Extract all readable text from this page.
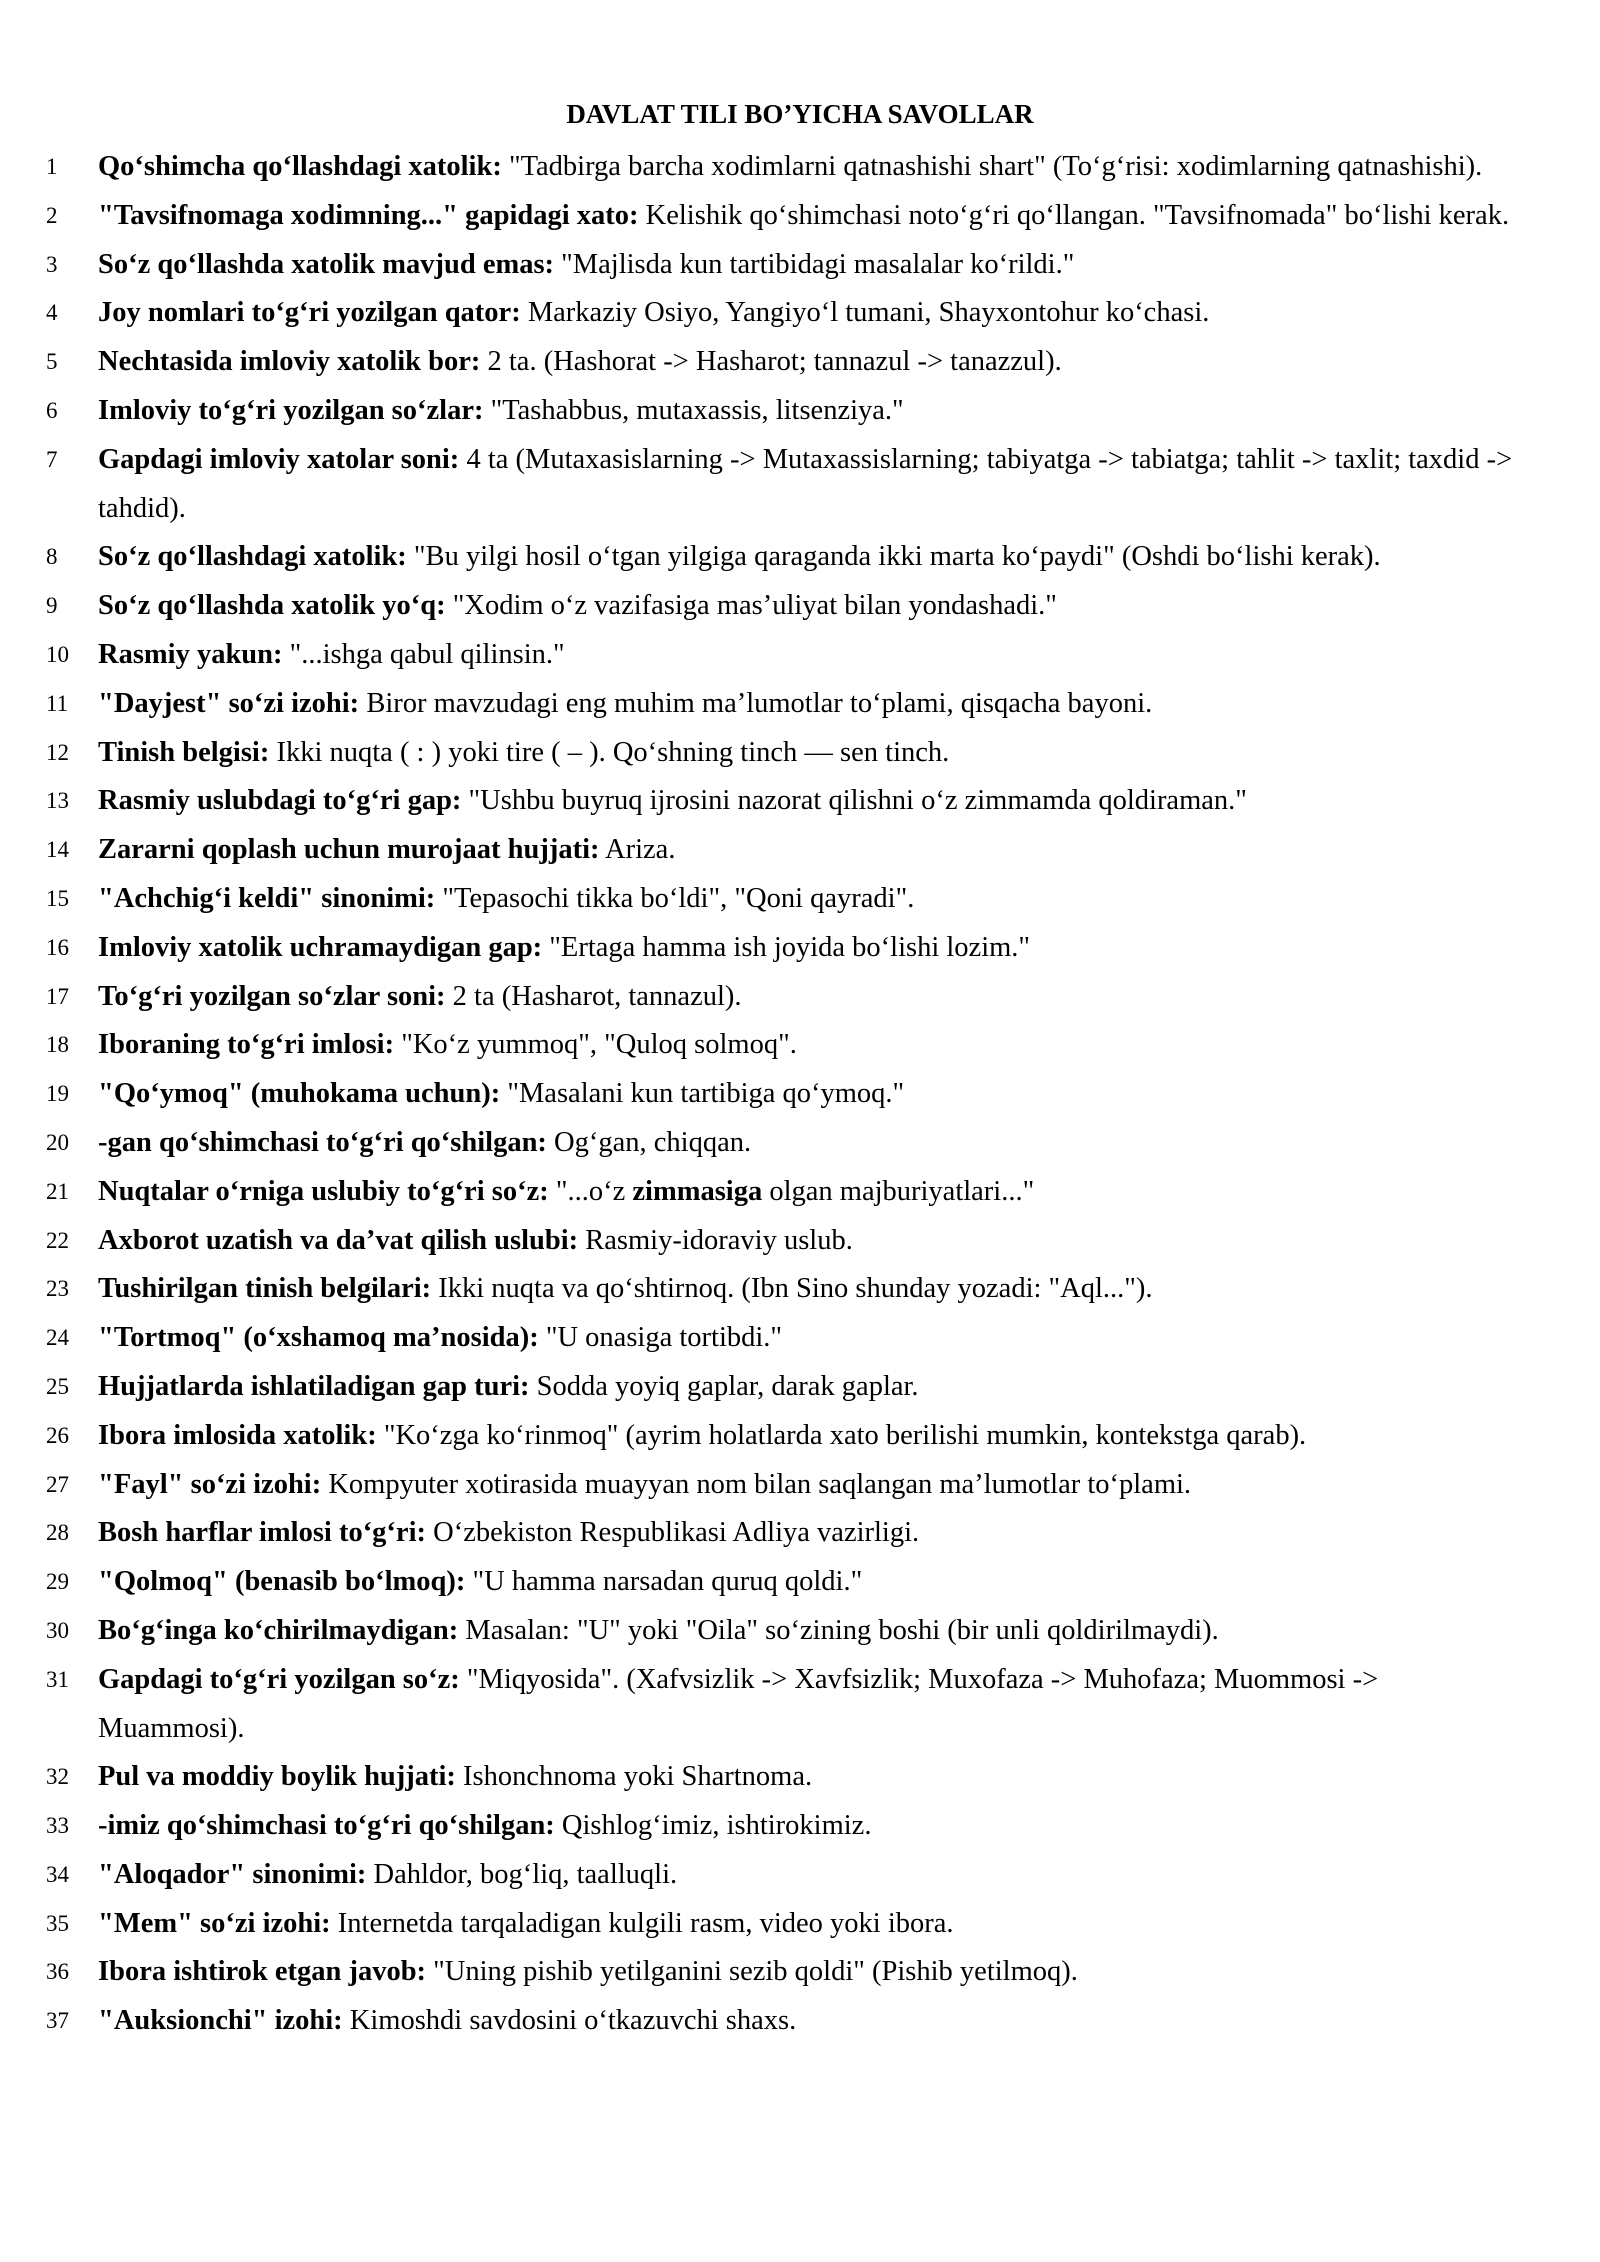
DAVLAT TILI BO’YICHA SAVOLLAR
1 Qo‘shimcha qo‘llashdagi xatolik: "Tadbirga barcha xodimlarni qatnashishi shart" (To‘g‘risi: xodimlarning qatnashishi).
2 "Tavsifnomaga xodimning..." gapidagi xato: Kelishik qo‘shimchasi noto‘g‘ri qo‘llangan. "Tavsifnomada" bo‘lishi kerak.
3 So‘z qo‘llashda xatolik mavjud emas: "Majlisda kun tartibidagi masalalar ko‘rildi."
4 Joy nomlari to‘g‘ri yozilgan qator: Markaziy Osiyo, Yangiyo‘l tumani, Shayxontohur ko‘chasi.
5 Nechtasida imloviy xatolik bor: 2 ta. (Hashorat -> Hasharot; tannazul -> tanazzul).
6 Imloviy to‘g‘ri yozilgan so‘zlar: "Tashabbus, mutaxassis, litsenziya."
7 Gapdagi imloviy xatolar soni: 4 ta (Mutaxasislarning -> Mutaxassislarning; tabiyatga -> tabiatga; tahlit -> taxlit; taxdid -> tahdid).
8 So‘z qo‘llashdagi xatolik: "Bu yilgi hosil o‘tgan yilgiga qaraganda ikki marta ko‘paydi" (Oshdi bo‘lishi kerak).
9 So‘z qo‘llashda xatolik yo‘q: "Xodim o‘z vazifasiga mas’uliyat bilan yondashadi."
10 Rasmiy yakun: "...ishga qabul qilinsin."
11 "Dayjest" so‘zi izohi: Biror mavzudagi eng muhim ma’lumotlar to‘plami, qisqacha bayoni.
12 Tinish belgisi: Ikki nuqta ( : ) yoki tire ( – ). Qo‘shning tinch — sen tinch.
13 Rasmiy uslubdagi to‘g‘ri gap: "Ushbu buyruq ijrosini nazorat qilishni o‘z zimmamda qoldiraman."
14 Zararni qoplash uchun murojaat hujjati: Ariza.
15 "Achchig‘i keldi" sinonimi: "Tepasochi tikka bo‘ldi", "Qoni qayradi".
16 Imloviy xatolik uchramaydigan gap: "Ertaga hamma ish joyida bo‘lishi lozim."
17 To‘g‘ri yozilgan so‘zlar soni: 2 ta (Hasharot, tannazul).
18 Iboraning to‘g‘ri imlosi: "Ko‘z yummoq", "Quloq solmoq".
19 "Qo‘ymoq" (muhokama uchun): "Masalani kun tartibiga qo‘ymoq."
20 -gan qo‘shimchasi to‘g‘ri qo‘shilgan: Og‘gan, chiqqan.
21 Nuqtalar o‘rniga uslubiy to‘g‘ri so‘z: "...o‘z zimmasiga olgan majburiyatlari..."
22 Axborot uzatish va da’vat qilish uslubi: Rasmiy-idoraviy uslub.
23 Tushirilgan tinish belgilari: Ikki nuqta va qo‘shtirnoq. (Ibn Sino shunday yozadi: "Aql...").
24 "Tortmoq" (o‘xshamoq ma’nosida): "U onasiga tortibdi."
25 Hujjatlarda ishlatiladigan gap turi: Sodda yoyiq gaplar, darak gaplar.
26 Ibora imlosida xatolik: "Ko‘zga ko‘rinmoq" (ayrim holatlarda xato berilishi mumkin, kontekstga qarab).
27 "Fayl" so‘zi izohi: Kompyuter xotirasida muayyan nom bilan saqlangan ma’lumotlar to‘plami.
28 Bosh harflar imlosi to‘g‘ri: O‘zbekiston Respublikasi Adliya vazirligi.
29 "Qolmoq" (benasib bo‘lmoq): "U hamma narsadan quruq qoldi."
30 Bo‘g‘inga ko‘chirilmaydigan: Masalan: "U" yoki "Oila" so‘zining boshi (bir unli qoldirilmaydi).
31 Gapdagi to‘g‘ri yozilgan so‘z: "Miqyosida". (Xafvsizlik -> Xavfsizlik; Muxofaza -> Muhofaza; Muommosi -> Muammosi).
32 Pul va moddiy boylik hujjati: Ishonchnoma yoki Shartnoma.
33 -imiz qo‘shimchasi to‘g‘ri qo‘shilgan: Qishlog‘imiz, ishtirokimiz.
34 "Aloqador" sinonimi: Dahldor, bog‘liq, taalluqli.
35 "Mem" so‘zi izohi: Internetda tarqaladigan kulgili rasm, video yoki ibora.
36 Ibora ishtirok etgan javob: "Uning pishib yetilganini sezib qoldi" (Pishib yetilmoq).
37 "Auksionchi" izohi: Kimoshdi savdosini o‘tkazuvchi shaxs.
